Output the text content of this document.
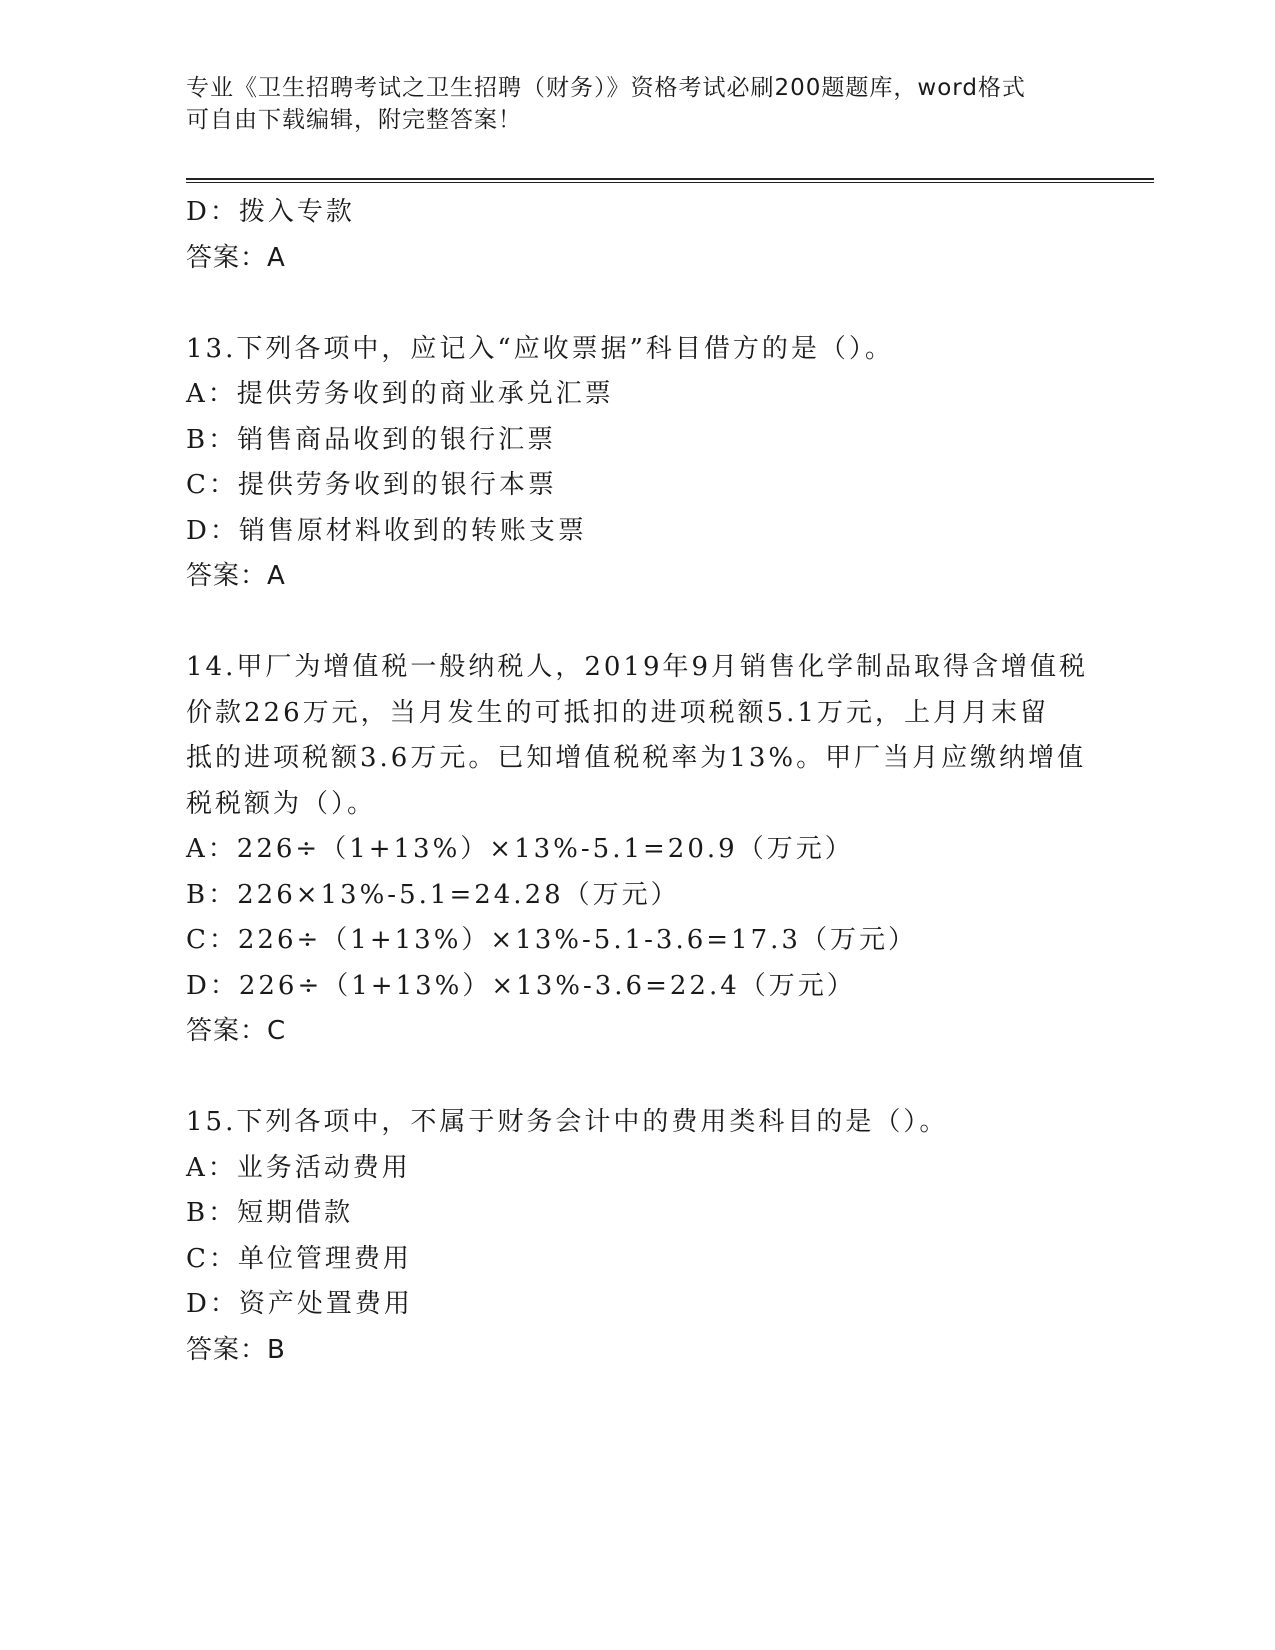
专业《卫生招聘考试之卫生招聘（财务）》资格考试必刷200题题库，word格式
可自由下载编辑，附完整答案！
D：拨入专款
答案：A
13.下列各项中，应记入“应收票据”科目借方的是（）。
A：提供劳务收到的商业承兑汇票
B：销售商品收到的银行汇票
C：提供劳务收到的银行本票
D：销售原材料收到的转账支票
答案：A
14.甲厂为增值税一般纳税人，2019年9月销售化学制品取得含增值税
价款226万元，当月发生的可抵扣的进项税额5.1万元，上月月末留
抵的进项税额3.6万元。已知增值税税率为13%。甲厂当月应缴纳增值
税税额为（）。
A：226÷（1+13%）×13%-5.1=20.9（万元）
B：226×13%-5.1=24.28（万元）
C：226÷（1+13%）×13%-5.1-3.6=17.3（万元）
D：226÷（1+13%）×13%-3.6=22.4（万元）
答案：C
15.下列各项中，不属于财务会计中的费用类科目的是（）。
A：业务活动费用
B：短期借款
C：单位管理费用
D：资产处置费用
答案：B
